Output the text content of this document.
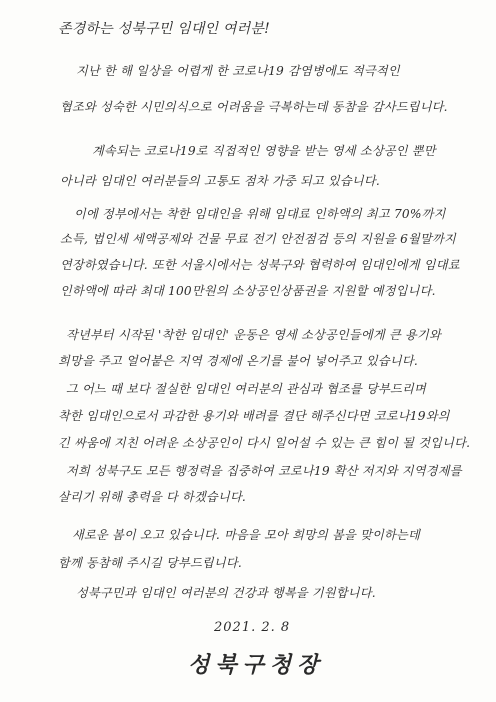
존경하는 성북구민 임대인 여러분!
지난 한 해 일상을 어렵게 한 코로나19 감염병에도 적극적인
협조와 성숙한 시민의식으로 어려움을 극복하는데 동참을 감사드립니다.
계속되는 코로나19로 직접적인 영향을 받는 영세 소상공인 뿐만
아니라 임대인 여러분들의 고통도 점차 가중 되고 있습니다.
이에 정부에서는 착한 임대인을 위해 임대료 인하액의 최고 70%까지
소득, 법인세 세액공제와 건물 무료 전기 안전점검 등의 지원을 6월말까지
연장하였습니다. 또한 서울시에서는 성북구와 협력하여 임대인에게 임대료
인하액에 따라 최대 100만원의 소상공인상품권을 지원할 예정입니다.
작년부터 시작된 '착한 임대인' 운동은 영세 소상공인들에게 큰 용기와
희망을 주고 얼어붙은 지역 경제에 온기를 불어 넣어주고 있습니다.
그 어느 때 보다 절실한 임대인 여러분의 관심과 협조를 당부드리며
착한 임대인으로서 과감한 용기와 배려를 결단 해주신다면 코로나19와의
긴 싸움에 지친 어려운 소상공인이 다시 일어설 수 있는 큰 힘이 될 것입니다.
저희 성북구도 모든 행정력을 집중하여 코로나19 확산 저지와 지역경제를
살리기 위해 총력을 다 하겠습니다.
새로운 봄이 오고 있습니다. 마음을 모아 희망의 봄을 맞이하는데
함께 동참해 주시길 당부드립니다.
성북구민과 임대인 여러분의 건강과 행복을 기원합니다.
2021. 2. 8
성북구청장
